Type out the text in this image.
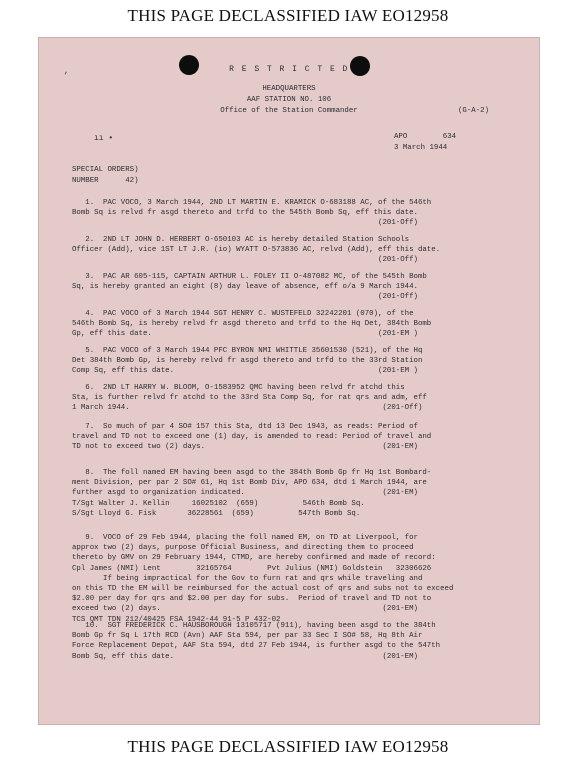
THIS PAGE DECLASSIFIED IAW EO12958
,
ıı •
R E S T R I C T E D
HEADQUARTERS
AAF STATION NO. 106
Office of the Station Commander	(G-A-2)
APO        634
3 March 1944
SPECIAL ORDERS)
NUMBER      42)
1.  PAC VOCO, 3 March 1944, 2ND LT MARTIN E. KRAMICK O-683188 AC, of the 546th
Bomb Sq is relvd fr asgd thereto and trfd to the 545th Bomb Sq, eff this date.
(201-Off)
2.  2ND LT JOHN D. HERBERT O-650103 AC is hereby detailed Station Schools
Officer (Add), vice 1ST LT J.R. (io) WYATT O-573836 AC, relvd (Add), eff this date.
(201-Off)
3.  PAC AR 605-115, CAPTAIN ARTHUR L. FOLEY II O-487082 MC, of the 545th Bomb
Sq, is hereby granted an eight (8) day leave of absence, eff o/a 9 March 1944.
(201-Off)
4.  PAC VOCO of 3 March 1944 SGT HENRY C. WUSTEFELD 32242201 (070), of the
546th Bomb Sq, is hereby relvd fr asgd thereto and trfd to the Hq Det, 384th Bomb
Gp, eff this date.                                                   (201-EM )
5.  PAC VOCO of 3 March 1944 PFC BYRON NMI WHITTLE 35601530 (521), of the Hq
Det 384th Bomb Gp, is hereby relvd fr asgd thereto and trfd to the 33rd Station
Comp Sq, eff this date.                                              (201-EM )
6.  2ND LT HARRY W. BLOOM, O-1583952 QMC having been relvd fr atchd this
Sta, is further relvd fr atchd to the 33rd Sta Comp Sq, for rat qrs and adm, eff
1 March 1944.                                                         (201-Off)
7.  So much of par 4 SO# 157 this Sta, dtd 13 Dec 1943, as reads: Period of
travel and TD not to exceed one (1) day, is amended to read: Period of travel and
TD not to exceed two (2) days.                                        (201-EM)
8.  The foll named EM having been asgd to the 384th Bomb Gp fr Hq 1st Bombard-
ment Division, per par 2 SO# 61, Hq 1st Bomb Div, APO 634, dtd 1 March 1944, are
further asgd to organization indicated.                               (201-EM)
T/Sgt Walter J. Kellin     16025102  (659)          546th Bomb Sq.
S/Sgt Lloyd G. Fisk       36228561  (659)          547th Bomb Sq.
9.  VOCO of 29 Feb 1944, placing the foll named EM, on TD at Liverpool, for
approx two (2) days, purpose Official Business, and directing them to proceed
thereto by GMV on 29 February 1944, CTMD, are hereby confirmed and made of record:
Cpl James (NMI) Lent        32165764        Pvt Julius (NMI) Goldstein   32306626
If being impractical for the Gov to furn rat and qrs while traveling and
on this TD the EM will be reimbursed for the actual cost of qrs and subs not to exceed
$2.00 per day for qrs and $2.00 per day for subs.  Period of travel and TD not to
exceed two (2) days.                                                  (201-EM)
TCS QMT TDN 212/40425 FSA 1942-44 91-5 P 432-02
10.  SGT FREDERICK C. HAUSBOROUGH 13105717 (911), having been asgd to the 384th
Bomb Gp fr Sq L 17th RCD (Avn) AAF Sta 594, per par 33 Sec I SO# 58, Hq 8th Air
Force Replacement Depot, AAF Sta 594, dtd 27 Feb 1944, is further asgd to the 547th
Bomb Sq, eff this date.                                               (201-EM)
THIS PAGE DECLASSIFIED IAW EO12958
